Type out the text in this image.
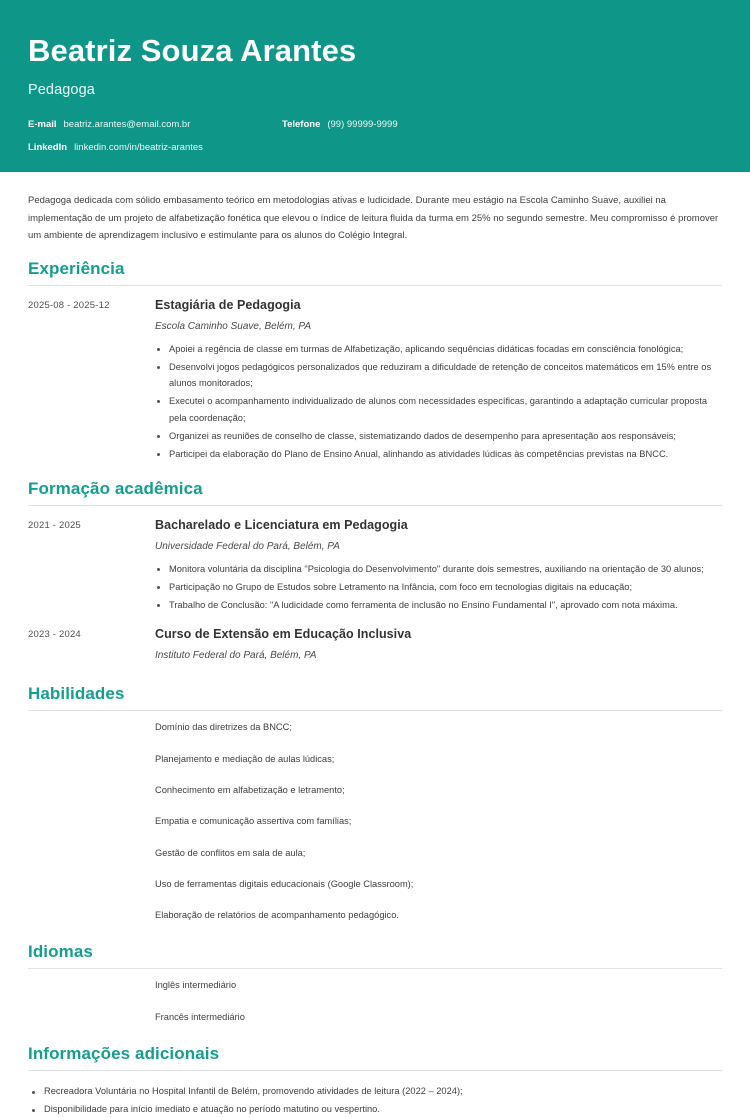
Beatriz Souza Arantes
Pedagoga
E-mail beatriz.arantes@email.com.br	Telefone (99) 99999-9999
LinkedIn linkedin.com/in/beatriz-arantes

Pedagoga dedicada com sólido embasamento teórico em metodologias ativas e ludicidade. Durante meu estágio na Escola Caminho Suave, auxiliei na implementação de um projeto de alfabetização fonética que elevou o índice de leitura fluida da turma em 25% no segundo semestre. Meu compromisso é promover um ambiente de aprendizagem inclusivo e estimulante para os alunos do Colégio Integral.

Experiência
2025-08 - 2025-12	Estagiária de Pedagogia
Escola Caminho Suave, Belém, PA
Apoiei a regência de classe em turmas de Alfabetização, aplicando sequências didáticas focadas em consciência fonológica;
Desenvolvi jogos pedagógicos personalizados que reduziram a dificuldade de retenção de conceitos matemáticos em 15% entre os alunos monitorados;
Executei o acompanhamento individualizado de alunos com necessidades específicas, garantindo a adaptação curricular proposta pela coordenação;
Organizei as reuniões de conselho de classe, sistematizando dados de desempenho para apresentação aos responsáveis;
Participei da elaboração do Plano de Ensino Anual, alinhando as atividades lúdicas às competências previstas na BNCC.
Formação acadêmica
2021 - 2025	Bacharelado e Licenciatura em Pedagogia
Universidade Federal do Pará, Belém, PA
Monitora voluntária da disciplina "Psicologia do Desenvolvimento" durante dois semestres, auxiliando na orientação de 30 alunos;
Participação no Grupo de Estudos sobre Letramento na Infância, com foco em tecnologias digitais na educação;
Trabalho de Conclusão: "A ludicidade como ferramenta de inclusão no Ensino Fundamental I", aprovado com nota máxima.
2023 - 2024	Curso de Extensão em Educação Inclusiva
Instituto Federal do Pará, Belém, PA
Habilidades
Domínio das diretrizes da BNCC;
Planejamento e mediação de aulas lúdicas;
Conhecimento em alfabetização e letramento;
Empatia e comunicação assertiva com famílias;
Gestão de conflitos em sala de aula;
Uso de ferramentas digitais educacionais (Google Classroom);
Elaboração de relatórios de acompanhamento pedagógico.
Idiomas
Inglês intermediário
Francês intermediário
Informações adicionais
Recreadora Voluntária no Hospital Infantil de Belém, promovendo atividades de leitura (2022 – 2024);
Disponibilidade para início imediato e atuação no período matutino ou vespertino.
